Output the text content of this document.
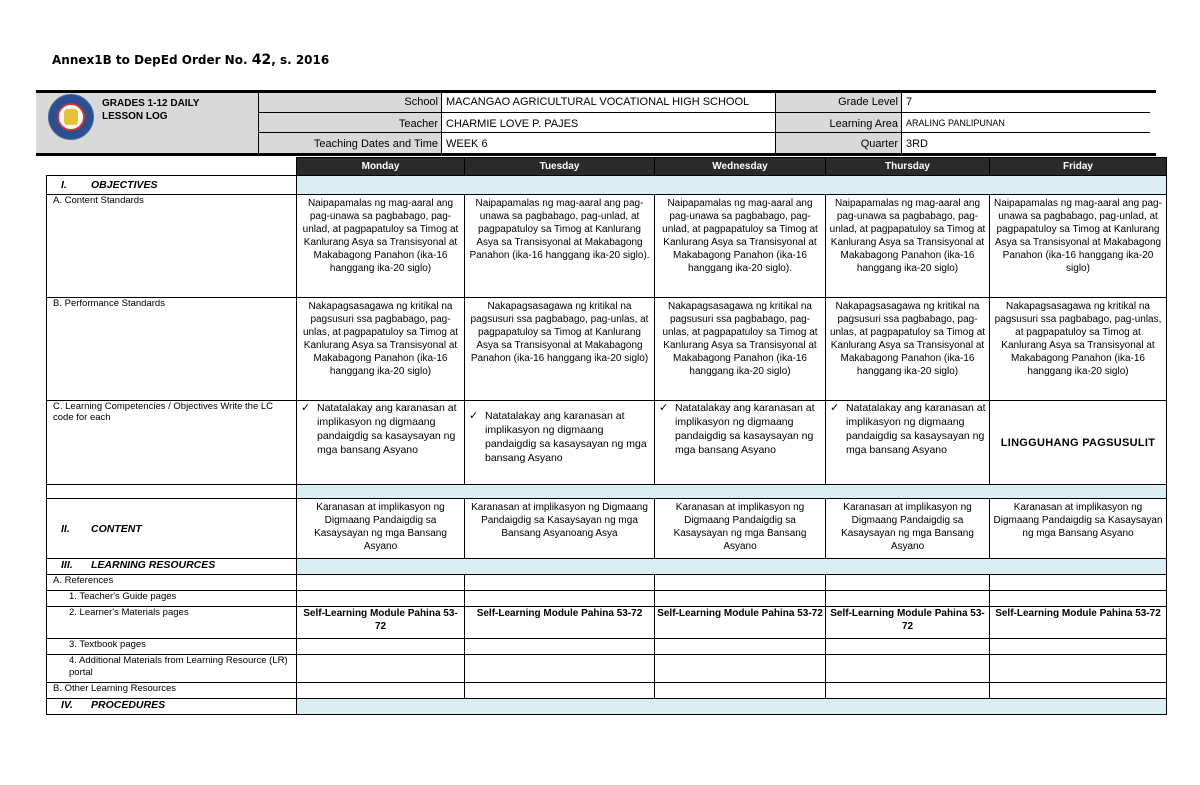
Annex1B to DepEd Order No. 42, s. 2016
GRADES 1-12 DAILY
LESSON LOG
School MACANGAO AGRICULTURAL VOCATIONAL HIGH SCHOOL	Grade Level 7
Teacher CHARMIE LOVE P. PAJES	Learning Area ARALING PANLIPUNAN
Teaching Dates and Time WEEK 6	Quarter 3RD
	Monday	Tuesday	Wednesday	Thursday	Friday
I. OBJECTIVES					
A. Content Standards	Naipapamalas ng mag-aaral ang pag-unawa sa pagbabago, pag-unlad, at pagpapatuloy sa Timog at Kanlurang Asya sa Transisyonal at Makabagong Panahon (ika-16 hanggang ika-20 siglo)	Naipapamalas ng mag-aaral ang pag-unawa sa pagbabago, pag-unlad, at pagpapatuloy sa Timog at Kanlurang Asya sa Transisyonal at Makabagong Panahon (ika-16 hanggang ika-20 siglo).	Naipapamalas ng mag-aaral ang pag-unawa sa pagbabago, pag-unlad, at pagpapatuloy sa Timog at Kanlurang Asya sa Transisyonal at Makabagong Panahon (ika-16 hanggang ika-20 siglo).	Naipapamalas ng mag-aaral ang pag-unawa sa pagbabago, pag-unlad, at pagpapatuloy sa Timog at Kanlurang Asya sa Transisyonal at Makabagong Panahon (ika-16 hanggang ika-20 siglo)	Naipapamalas ng mag-aaral ang pag-unawa sa pagbabago, pag-unlad, at pagpapatuloy sa Timog at Kanlurang Asya sa Transisyonal at Makabagong Panahon (ika-16 hanggang ika-20 siglo)
B. Performance Standards	Nakapagsasagawa ng kritikal na pagsusuri ssa pagbabago, pag-unlas, at pagpapatuloy sa Timog at Kanlurang Asya sa Transisyonal at Makabagong Panahon (ika-16 hanggang ika-20 siglo)	Nakapagsasagawa ng kritikal na pagsusuri ssa pagbabago, pag-unlas, at pagpapatuloy sa Timog at Kanlurang Asya sa Transisyonal at Makabagong Panahon (ika-16 hanggang ika-20 siglo)	Nakapagsasagawa ng kritikal na pagsusuri ssa pagbabago, pag-unlas, at pagpapatuloy sa Timog at Kanlurang Asya sa Transisyonal at Makabagong Panahon (ika-16 hanggang ika-20 siglo)	Nakapagsasagawa ng kritikal na pagsusuri ssa pagbabago, pag-unlas, at pagpapatuloy sa Timog at Kanlurang Asya sa Transisyonal at Makabagong Panahon (ika-16 hanggang ika-20 siglo)	Nakapagsasagawa ng kritikal na pagsusuri ssa pagbabago, pag-unlas, at pagpapatuloy sa Timog at Kanlurang Asya sa Transisyonal at Makabagong Panahon (ika-16 hanggang ika-20 siglo)
C. Learning Competencies / Objectives Write the LC code for each	✓ Natatalakay ang karanasan at implikasyon ng digmaang pandaigdig sa kasaysayan ng mga bansang Asyano	✓ Natatalakay ang karanasan at implikasyon ng digmaang pandaigdig sa kasaysayan ng mga bansang Asyano	✓ Natatalakay ang karanasan at implikasyon ng digmaang pandaigdig sa kasaysayan ng mga bansang Asyano	✓ Natatalakay ang karanasan at implikasyon ng digmaang pandaigdig sa kasaysayan ng mga bansang Asyano	LINGGUHANG PAGSUSULIT

II. CONTENT	Karanasan at implikasyon ng Digmaang Pandaigdig sa Kasaysayan ng mga Bansang Asyano	Karanasan at implikasyon ng Digmaang Pandaigdig sa Kasaysayan ng mga Bansang Asyanoang Asya	Karanasan at implikasyon ng Digmaang Pandaigdig sa Kasaysayan ng mga Bansang Asyano	Karanasan at implikasyon ng Digmaang Pandaigdig sa Kasaysayan ng mga Bansang Asyano	Karanasan at implikasyon ng Digmaang Pandaigdig sa Kasaysayan ng mga Bansang Asyano
III. LEARNING RESOURCES					
A. References					
1. Teacher's Guide pages					
2. Learner's Materials pages	Self-Learning Module Pahina 53-72	Self-Learning Module Pahina 53-72	Self-Learning Module Pahina 53-72	Self-Learning Module Pahina 53-72	Self-Learning Module Pahina 53-72
3. Textbook pages					
4. Additional Materials from Learning Resource (LR) portal					
B. Other Learning Resources					
IV. PROCEDURES					
